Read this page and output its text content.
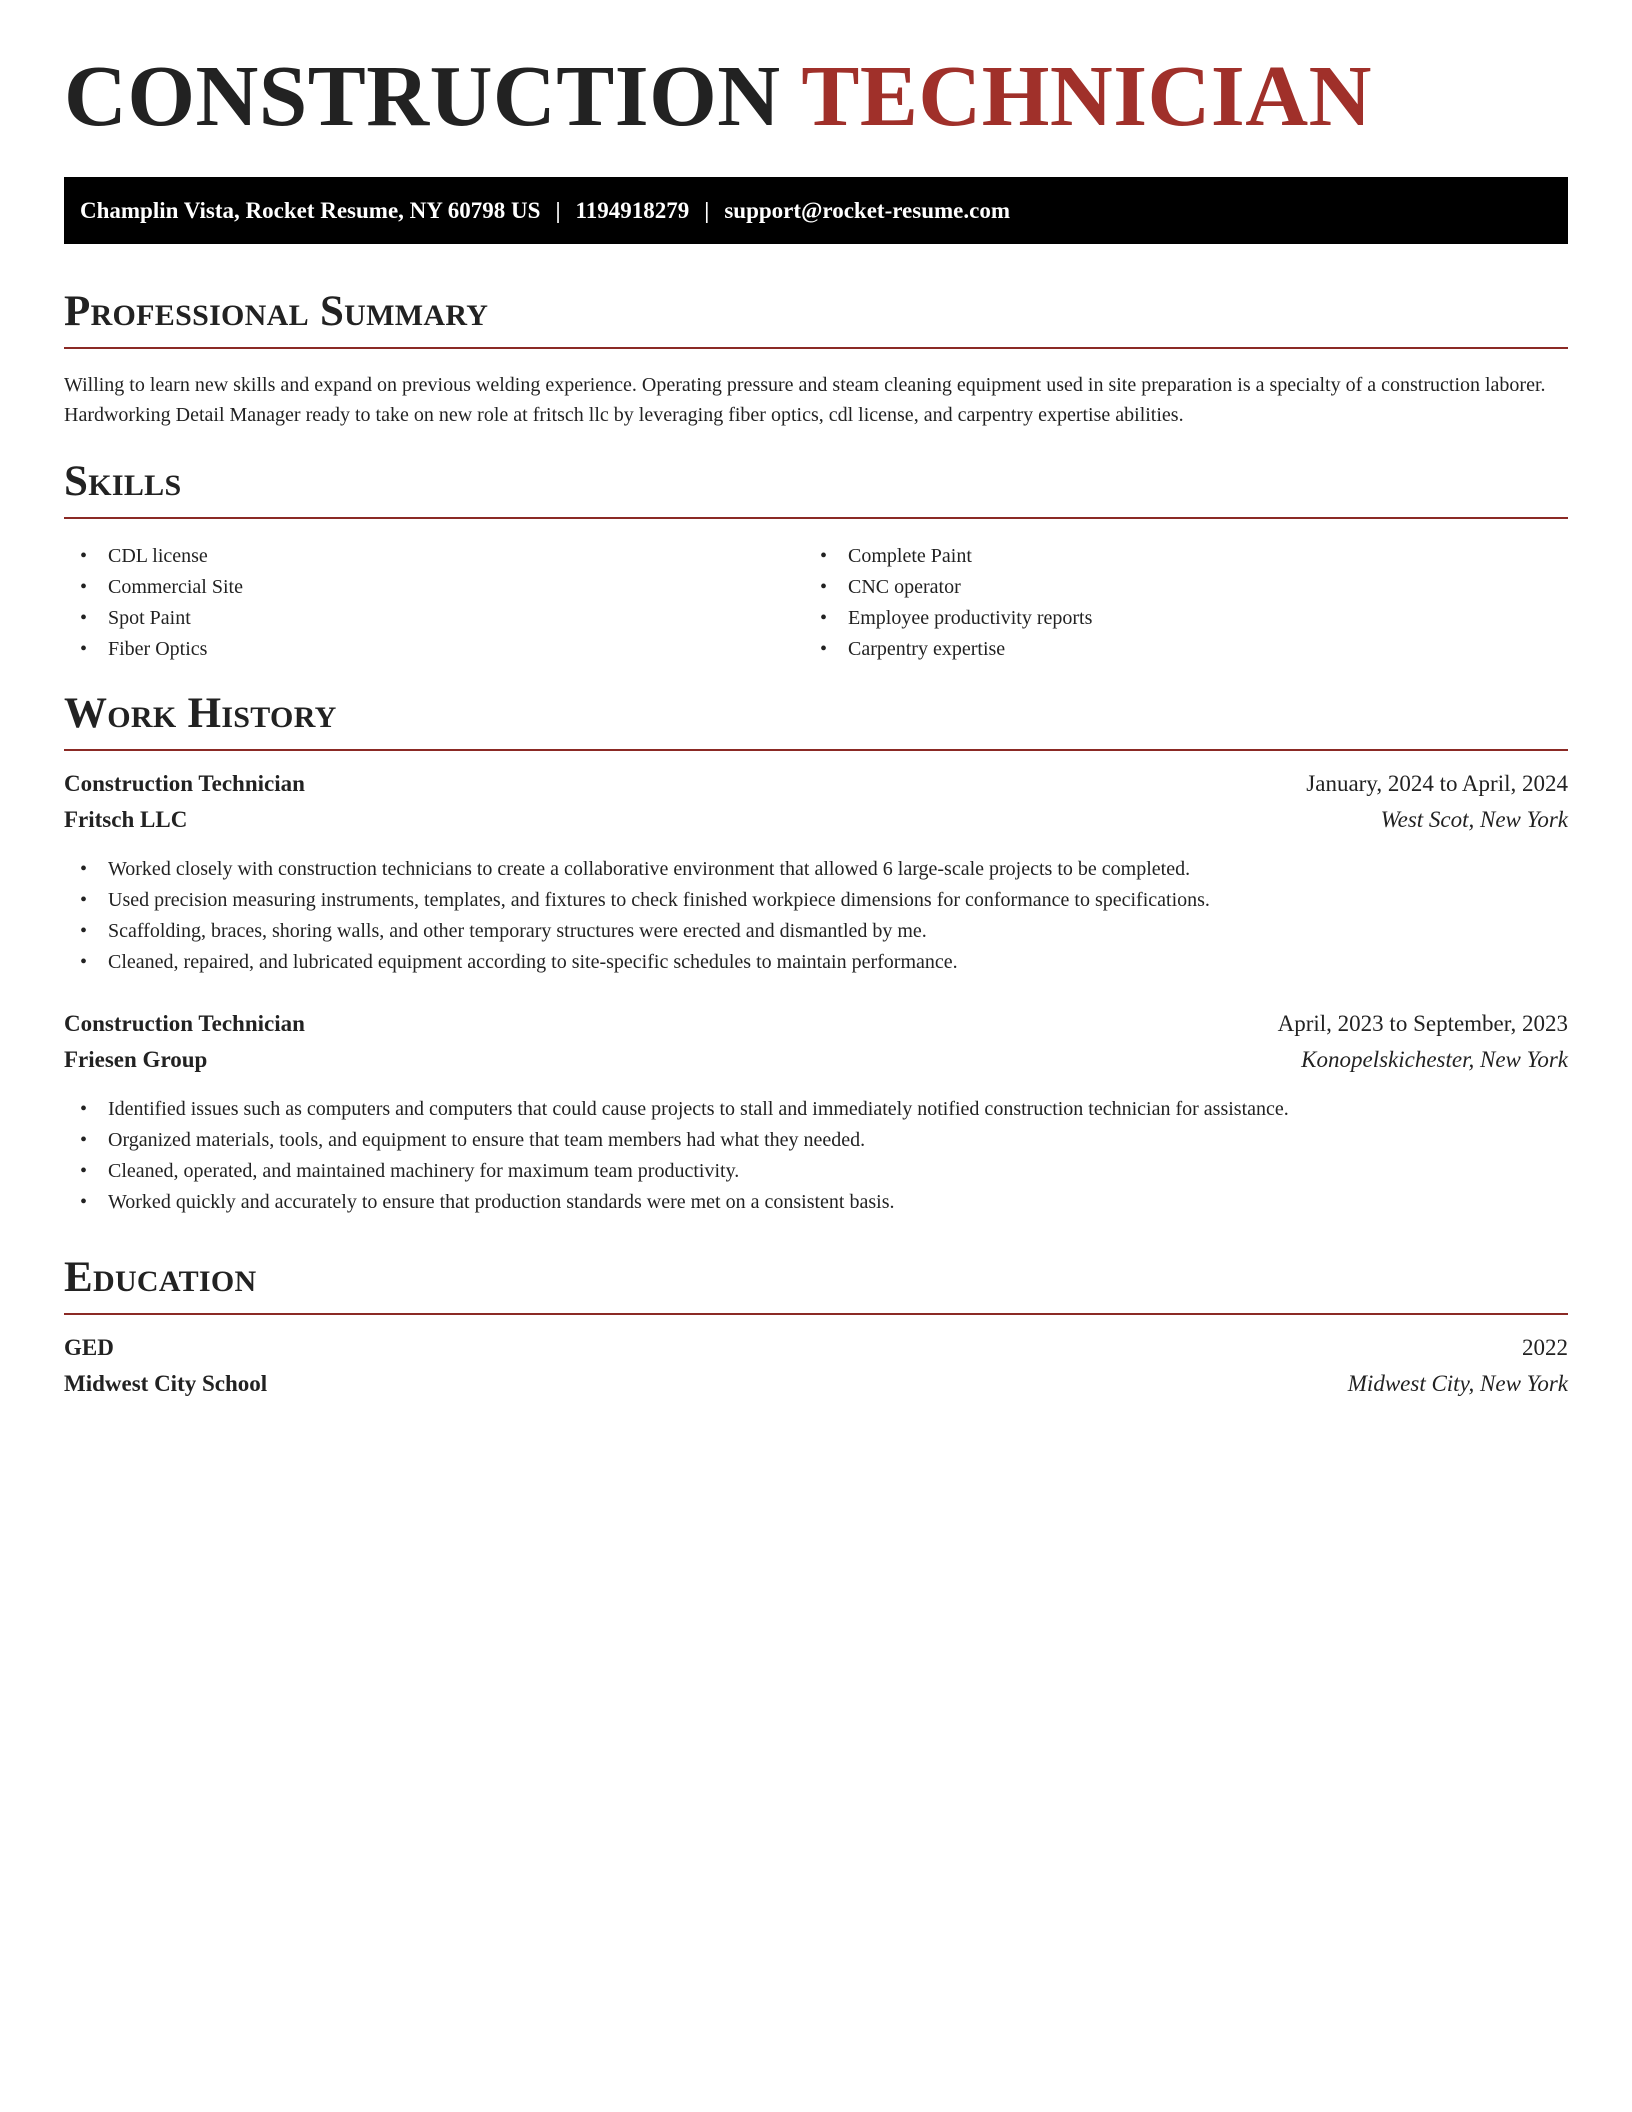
CONSTRUCTION TECHNICIAN
Champlin Vista, Rocket Resume, NY 60798 US | 1194918279 | support@rocket-resume.com
Professional Summary

Willing to learn new skills and expand on previous welding experience. Operating pressure and steam cleaning equipment used in site preparation is a specialty of a construction laborer. Hardworking Detail Manager ready to take on new role at fritsch llc by leveraging fiber optics, cdl license, and carpentry expertise abilities.

Skills
• CDL license
• Commercial Site
• Spot Paint
• Fiber Optics
• Complete Paint
• CNC operator
• Employee productivity reports
• Carpentry expertise
Work History
Construction Technician	January, 2024 to April, 2024
Fritsch LLC	West Scot, New York
• Worked closely with construction technicians to create a collaborative environment that allowed 6 large-scale projects to be completed.
• Used precision measuring instruments, templates, and fixtures to check finished workpiece dimensions for conformance to specifications.
• Scaffolding, braces, shoring walls, and other temporary structures were erected and dismantled by me.
• Cleaned, repaired, and lubricated equipment according to site-specific schedules to maintain performance.
Construction Technician	April, 2023 to September, 2023
Friesen Group	Konopelskichester, New York
• Identified issues such as computers and computers that could cause projects to stall and immediately notified construction technician for assistance.
• Organized materials, tools, and equipment to ensure that team members had what they needed.
• Cleaned, operated, and maintained machinery for maximum team productivity.
• Worked quickly and accurately to ensure that production standards were met on a consistent basis.
Education
GED	2022
Midwest City School	Midwest City, New York
